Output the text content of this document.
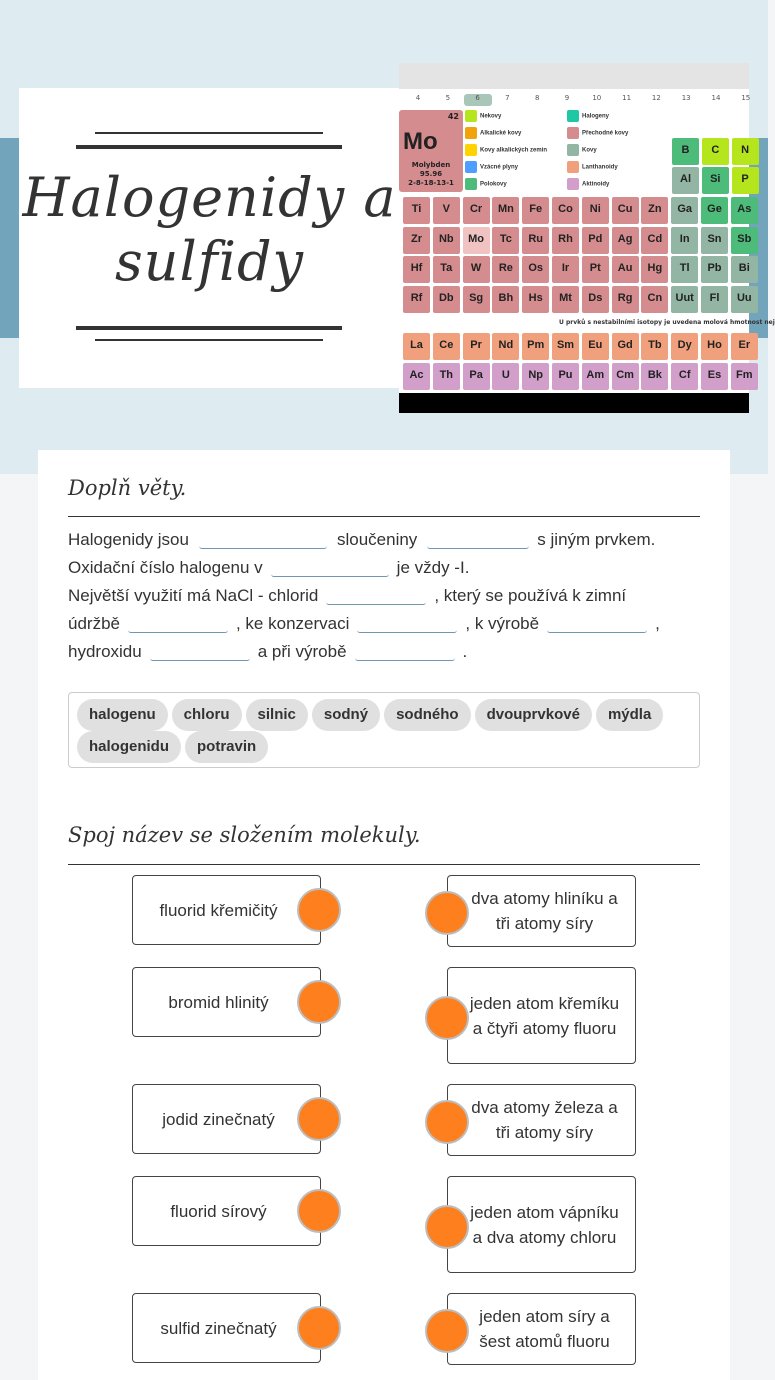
Halogenidy a sulfidy
4	5	6	7	8	9	10	11	12	13	14	15
42
Mo
Molybden
95.96
2-8-18-13-1
Nekovy
Alkalické kovy
Kovy alkalických zemin
Vzácné plyny
Polokovy
Halogeny
Přechodné kovy
Kovy
Lanthanoidy
Aktinoidy
B	C	N
Al	Si	P
Ti	V	Cr	Mn	Fe	Co	Ni	Cu	Zn	Ga	Ge	As
Zr	Nb	Mo	Tc	Ru	Rh	Pd	Ag	Cd	In	Sn	Sb
Hf	Ta	W	Re	Os	Ir	Pt	Au	Hg	Tl	Pb	Bi
Rf	Db	Sg	Bh	Hs	Mt	Ds	Rg	Cn	Uut	Fl	Uu
La	Ce	Pr	Nd	Pm	Sm	Eu	Gd	Tb	Dy	Ho	Er
Ac	Th	Pa	U	Np	Pu	Am	Cm	Bk	Cf	Es	Fm
U prvků s nestabilními isotopy je uvedena molová hmotnost nej
Doplň věty.
Halogenidy jsou	sloučeniny	s jiným prvkem.
Oxidační číslo halogenu v	je vždy -I.
Největší využití má NaCl - chlorid	, který se používá k zimní
údržbě	, ke konzervaci	, k výrobě	,
hydroxidu	a při výrobě	.
halogenu chloru silnic sodný sodného dvouprvkové mýdla
halogenidu potravin
Spoj název se složením molekuly.
fluorid křemičitý
bromid hlinitý
jodid zinečnatý
fluorid sírový
sulfid zinečnatý
dva atomy hliníku a tři atomy síry
jeden atom křemíku a čtyři atomy fluoru
dva atomy železa a tři atomy síry
jeden atom vápníku a dva atomy chloru
jeden atom síry a šest atomů fluoru
